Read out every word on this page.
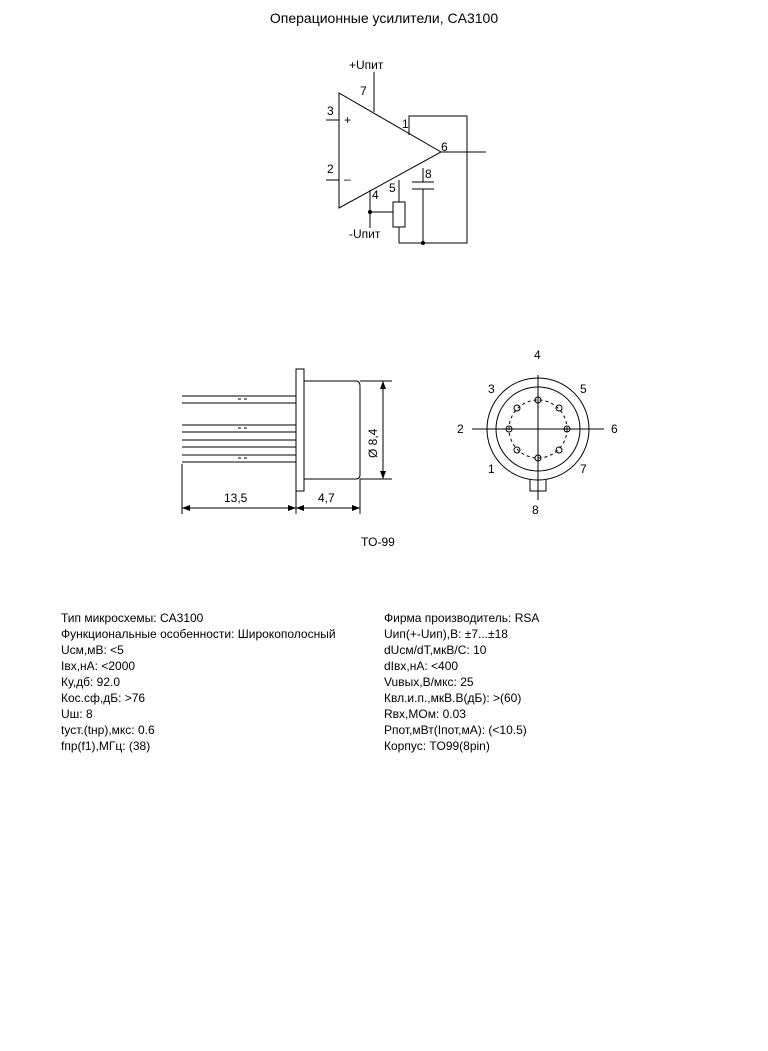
Операционные усилители, CA3100
+Uпит
-Uпит
7
3
+
2
–
1
6
4 5
8
Ø 8,4
13,5	4,7
TO-99
4
3	5
2	6
1	7
8
Тип микросхемы: CA3100
Функциональные особенности: Широкополосный
Uсм,мВ: <5
Iвх,нА: <2000
Ку,дб: 92.0
Кос.сф,дБ: >76
Uш: 8
tуст.(tнр),мкс: 0.6
fпр(f1),МГц: (38)
Фирма производитель: RSA
Uип(+-Uип),В: ±7...±18
dUсм/dT,мкВ/С: 10
dIвх,нА: <400
Vuвых,В/мкс: 25
Квл.и.п.,мкВ.В(дБ): >(60)
Rвх,МОм: 0.03
Pпот,мВт(Iпот,мА): (<10.5)
Корпус: TO99(8pin)
